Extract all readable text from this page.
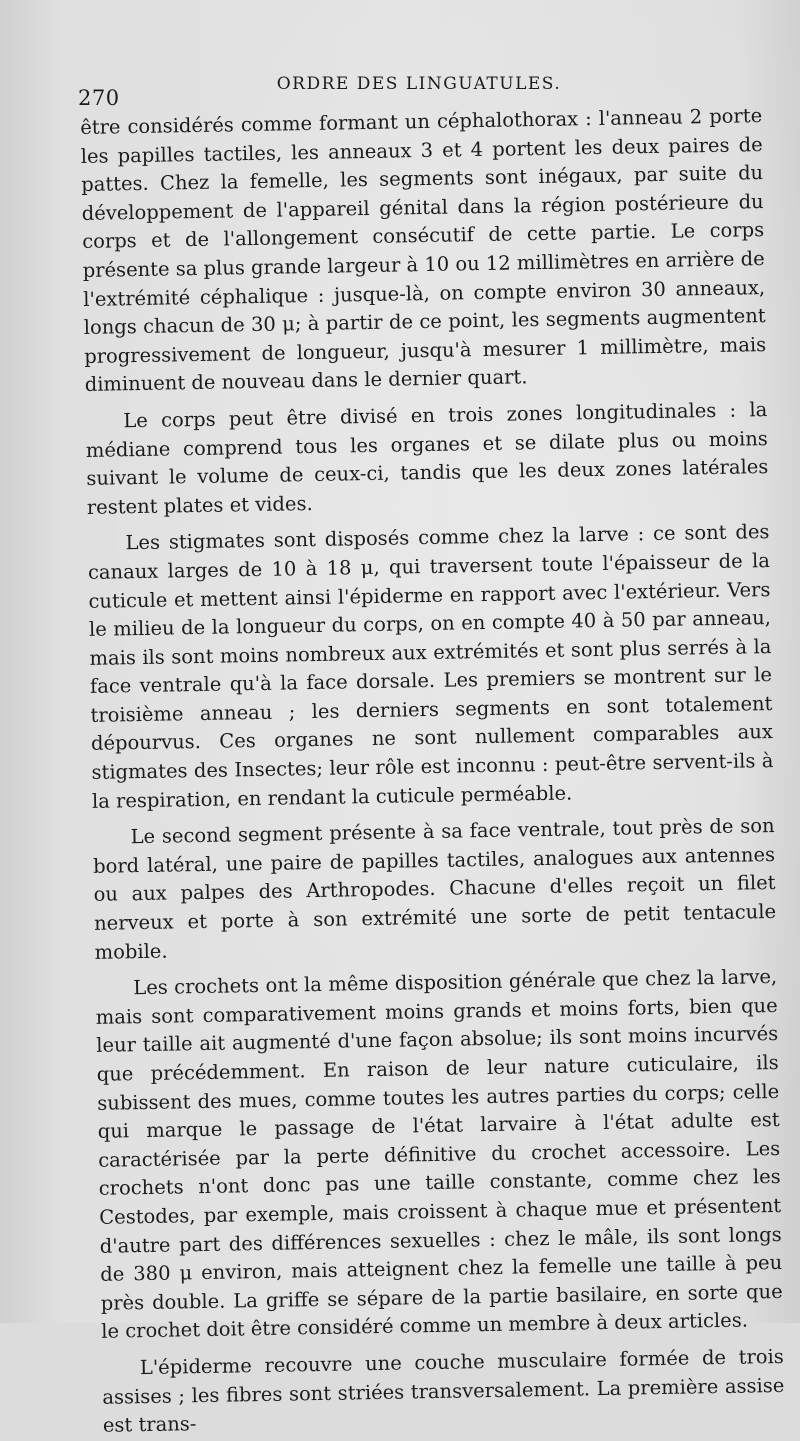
270
ORDRE DES LINGUATULES.

être considérés comme formant un céphalothorax : l'anneau 2 porte les papilles tactiles, les anneaux 3 et 4 portent les deux paires de pattes. Chez la femelle, les segments sont inégaux, par suite du développement de l'appareil génital dans la région postérieure du corps et de l'allongement consécutif de cette partie. Le corps présente sa plus grande largeur à 10 ou 12 millimètres en arrière de l'extrémité céphalique : jusque-là, on compte environ 30 anneaux, longs chacun de 30 μ; à partir de ce point, les segments augmentent progressivement de longueur, jusqu'à mesurer 1 millimètre, mais diminuent de nouveau dans le dernier quart.

Le corps peut être divisé en trois zones longitudinales : la médiane comprend tous les organes et se dilate plus ou moins suivant le volume de ceux-ci, tandis que les deux zones latérales restent plates et vides.

Les stigmates sont disposés comme chez la larve : ce sont des canaux larges de 10 à 18 μ, qui traversent toute l'épaisseur de la cuticule et mettent ainsi l'épiderme en rapport avec l'extérieur. Vers le milieu de la longueur du corps, on en compte 40 à 50 par anneau, mais ils sont moins nombreux aux extrémités et sont plus serrés à la face ventrale qu'à la face dorsale. Les premiers se montrent sur le troisième anneau ; les derniers segments en sont totalement dépourvus. Ces organes ne sont nullement comparables aux stigmates des Insectes; leur rôle est inconnu : peut-être servent-ils à la respiration, en rendant la cuticule perméable.

Le second segment présente à sa face ventrale, tout près de son bord latéral, une paire de papilles tactiles, analogues aux antennes ou aux palpes des Arthropodes. Chacune d'elles reçoit un filet nerveux et porte à son extrémité une sorte de petit tentacule mobile.

Les crochets ont la même disposition générale que chez la larve, mais sont comparativement moins grands et moins forts, bien que leur taille ait augmenté d'une façon absolue; ils sont moins incurvés que précédemment. En raison de leur nature cuticulaire, ils subissent des mues, comme toutes les autres parties du corps; celle qui marque le passage de l'état larvaire à l'état adulte est caractérisée par la perte définitive du crochet accessoire. Les crochets n'ont donc pas une taille constante, comme chez les Cestodes, par exemple, mais croissent à chaque mue et présentent d'autre part des différences sexuelles : chez le mâle, ils sont longs de 380 μ environ, mais atteignent chez la femelle une taille à peu près double. La griffe se sépare de la partie basilaire, en sorte que le crochet doit être considéré comme un membre à deux articles.

L'épiderme recouvre une couche musculaire formée de trois assises ; les fibres sont striées transversalement. La première assise est trans-
